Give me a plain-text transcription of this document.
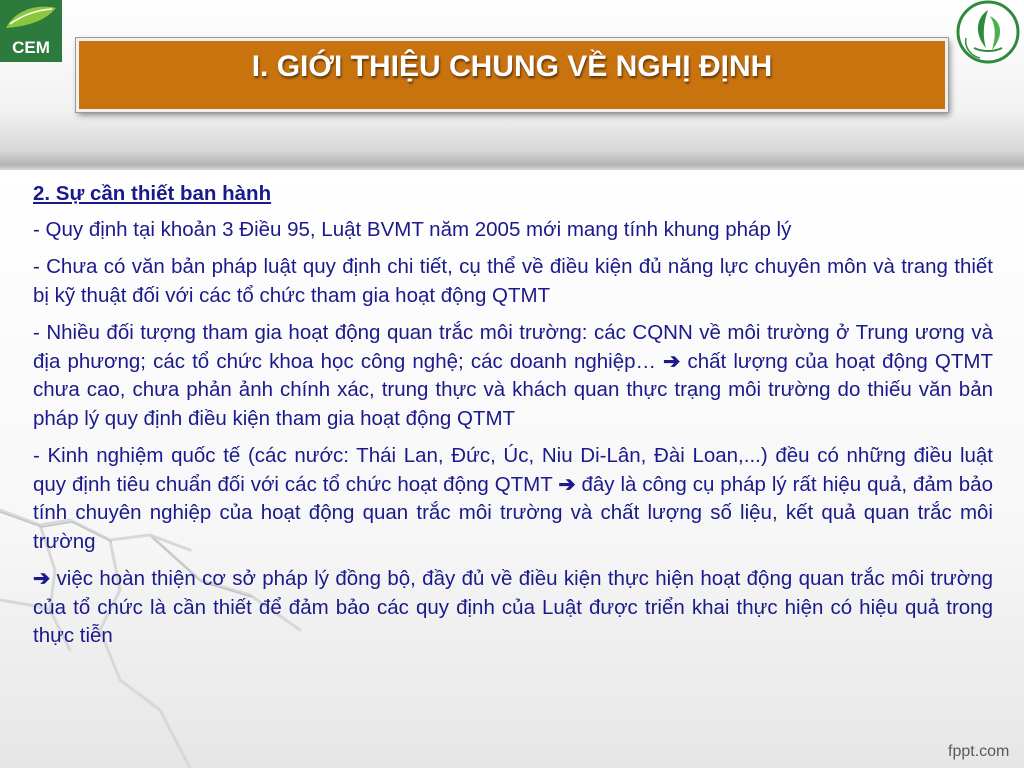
CEM
I. GIỚI THIỆU CHUNG VỀ NGHỊ ĐỊNH

2. Sự cần thiết ban hành

- Quy định tại khoản 3 Điều 95, Luật BVMT năm 2005 mới mang tính khung pháp lý

- Chưa có văn bản pháp luật quy định chi tiết, cụ thể về điều kiện đủ năng lực chuyên môn và trang thiết bị kỹ thuật đối với các tổ chức tham gia hoạt động QTMT

- Nhiều đối tượng tham gia hoạt động quan trắc môi trường: các CQNN về môi trường ở Trung ương và địa phương; các tổ chức khoa học công nghệ; các doanh nghiệp… ➔ chất lượng của hoạt động QTMT chưa cao, chưa phản ảnh chính xác, trung thực và khách quan thực trạng môi trường do thiếu văn bản pháp lý quy định điều kiện tham gia hoạt động QTMT

- Kinh nghiệm quốc tế (các nước: Thái Lan, Đức, Úc, Niu Di-Lân, Đài Loan,...) đều có những điều luật quy định tiêu chuẩn đối với các tổ chức hoạt động QTMT ➔ đây là công cụ pháp lý rất hiệu quả, đảm bảo tính chuyên nghiệp của hoạt động quan trắc môi trường và chất lượng số liệu, kết quả quan trắc môi trường

➔ việc hoàn thiện cơ sở pháp lý đồng bộ, đầy đủ về điều kiện thực hiện hoạt động quan trắc môi trường của tổ chức là cần thiết để đảm bảo các quy định của Luật được triển khai thực hiện có hiệu quả trong thực tiễn

fppt.com
